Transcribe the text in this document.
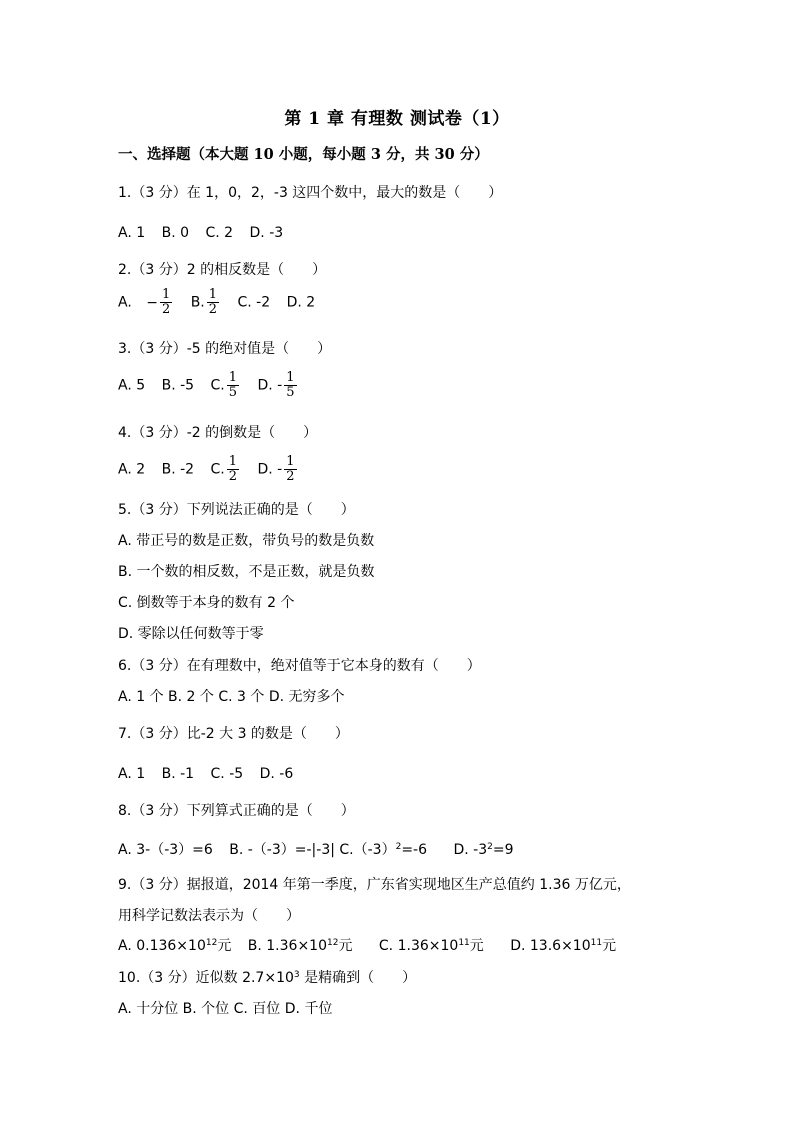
第 1 章 有理数 测试卷（1）
一、选择题（本大题 10 小题，每小题 3 分，共 30 分）
1.（3 分）在 1，0，2，-3 这四个数中，最大的数是（　　）
A. 1 B. 0 C. 2 D. -3
2.（3 分）2 的相反数是（　　）
A. − $\frac{1}{2} B$. $\frac{1}{2} C$. -2 D. 2
3.（3 分）-5 的绝对值是（　　）
A. 5 B. -5 C. $\frac{1}{5} D$. - $\frac{1}{5}$
4.（3 分）-2 的倒数是（　　）
A. 2 B. -2 C. $\frac{1}{2} D$. - $\frac{1}{2}$
5.（3 分）下列说法正确的是（　　）
A. 带正号的数是正数，带负号的数是负数
B. 一个数的相反数，不是正数，就是负数
C. 倒数等于本身的数有 2 个
D. 零除以任何数等于零
6.（3 分）在有理数中，绝对值等于它本身的数有（　　）
A. 1 个 B. 2 个 C. 3 个 D. 无穷多个
7.（3 分）比-2 大 3 的数是（　　）
A. 1 B. -1 C. -5 D. -6
8.（3 分）下列算式正确的是（　　）
A. 3-（-3）=6 B. -（-3）=-|-3| $C.(-3)^2=-6$ D. $-3^2=9$
9.（3 分）据报道，2014 年第一季度，广东省实现地区生产总值约 1.36 万亿元，
用科学记数法表示为（　　）
A. $0.136\times 10^{12}$元 B. $1.36\times 10^{12}$元 C. $1.36\times 10^{11}$元 D. $13.6\times 10^{11}$元
10.（3 分）近似数 $2.7\times 10^3$ 是精确到（　　）
A. 十分位 B. 个位 C. 百位 D. 千位
